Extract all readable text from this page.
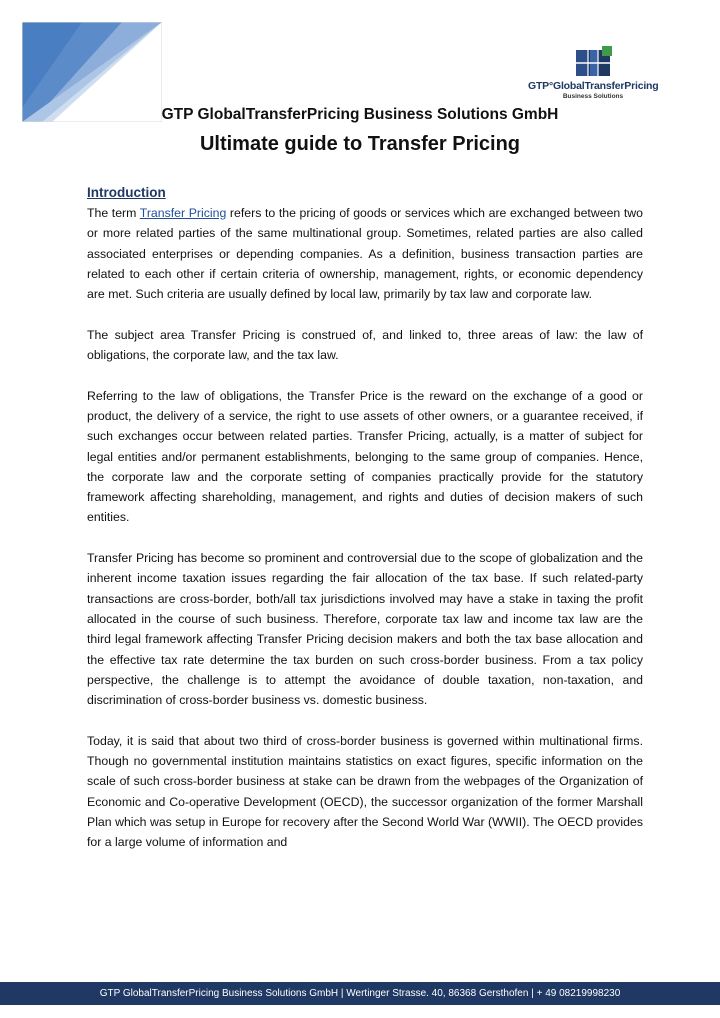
GTP°GlobalTransferPricing
Business Solutions
GTP GlobalTransferPricing Business Solutions GmbH
Ultimate guide to Transfer Pricing

Introduction

The term Transfer Pricing refers to the pricing of goods or services which are exchanged between two or more related parties of the same multinational group. Sometimes, related parties are also called associated enterprises or depending companies. As a definition, business transaction parties are related to each other if certain criteria of ownership, management, rights, or economic dependency are met. Such criteria are usually defined by local law, primarily by tax law and corporate law.

The subject area Transfer Pricing is construed of, and linked to, three areas of law: the law of obligations, the corporate law, and the tax law.

Referring to the law of obligations, the Transfer Price is the reward on the exchange of a good or product, the delivery of a service, the right to use assets of other owners, or a guarantee received, if such exchanges occur between related parties. Transfer Pricing, actually, is a matter of subject for legal entities and/or permanent establishments, belonging to the same group of companies. Hence, the corporate law and the corporate setting of companies practically provide for the statutory framework affecting shareholding, management, and rights and duties of decision makers of such entities.

Transfer Pricing has become so prominent and controversial due to the scope of globalization and the inherent income taxation issues regarding the fair allocation of the tax base. If such related-party transactions are cross-border, both/all tax jurisdictions involved may have a stake in taxing the profit allocated in the course of such business. Therefore, corporate tax law and income tax law are the third legal framework affecting Transfer Pricing decision makers and both the tax base allocation and the effective tax rate determine the tax burden on such cross-border business. From a tax policy perspective, the challenge is to attempt the avoidance of double taxation, non-taxation, and discrimination of cross-border business vs. domestic business.

Today, it is said that about two third of cross-border business is governed within multinational firms. Though no governmental institution maintains statistics on exact figures, specific information on the scale of such cross-border business at stake can be drawn from the webpages of the Organization of Economic and Co-operative Development (OECD), the successor organization of the former Marshall Plan which was setup in Europe for recovery after the Second World War (WWII). The OECD provides for a large volume of information and

GTP GlobalTransferPricing Business Solutions GmbH | Wertinger Strasse. 40, 86368 Gersthofen | + 49 08219998230
